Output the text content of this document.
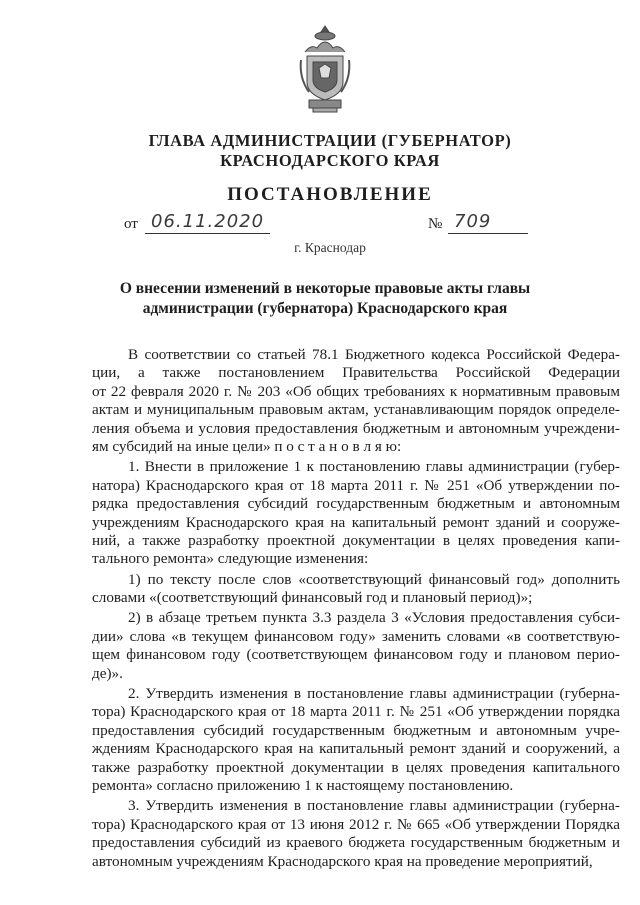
ГЛАВА АДМИНИСТРАЦИИ (ГУБЕРНАТОР)
КРАСНОДАРСКОГО КРАЯ
ПОСТАНОВЛЕНИЕ
от 06.11.2020	№ 709
г. Краснодар
О внесении изменений в некоторые правовые акты главы
администрации (губернатора) Краснодарского края
В соответствии со статьей 78.1 Бюджетного кодекса Российской Федера-
ции, а также постановлением Правительства Российской Федерации
от 22 февраля 2020 г. № 203 «Об общих требованиях к нормативным правовым
актам и муниципальным правовым актам, устанавливающим порядок определе-
ления объема и условия предоставления бюджетным и автономным учреждени-
ям субсидий на иные цели» п о с т а н о в л я ю:
1. Внести в приложение 1 к постановлению главы администрации (губер-
натора) Краснодарского края от 18 марта 2011 г. № 251 «Об утверждении по-
рядка предоставления субсидий государственным бюджетным и автономным
учреждениям Краснодарского края на капитальный ремонт зданий и сооруже-
ний, а также разработку проектной документации в целях проведения капи-
тального ремонта» следующие изменения:
1) по тексту после слов «соответствующий финансовый год» дополнить
словами «(соответствующий финансовый год и плановый период)»;
2) в абзаце третьем пункта 3.3 раздела 3 «Условия предоставления субси-
дии» слова «в текущем финансовом году» заменить словами «в соответствую-
щем финансовом году (соответствующем финансовом году и плановом перио-
де)».
2. Утвердить изменения в постановление главы администрации (губерна-
тора) Краснодарского края от 18 марта 2011 г. № 251 «Об утверждении порядка
предоставления субсидий государственным бюджетным и автономным учре-
ждениям Краснодарского края на капитальный ремонт зданий и сооружений, а
также разработку проектной документации в целях проведения капитального
ремонта» согласно приложению 1 к настоящему постановлению.
3. Утвердить изменения в постановление главы администрации (губерна-
тора) Краснодарского края от 13 июня 2012 г. № 665 «Об утверждении Порядка
предоставления субсидий из краевого бюджета государственным бюджетным и
автономным учреждениям Краснодарского края на проведение мероприятий,
